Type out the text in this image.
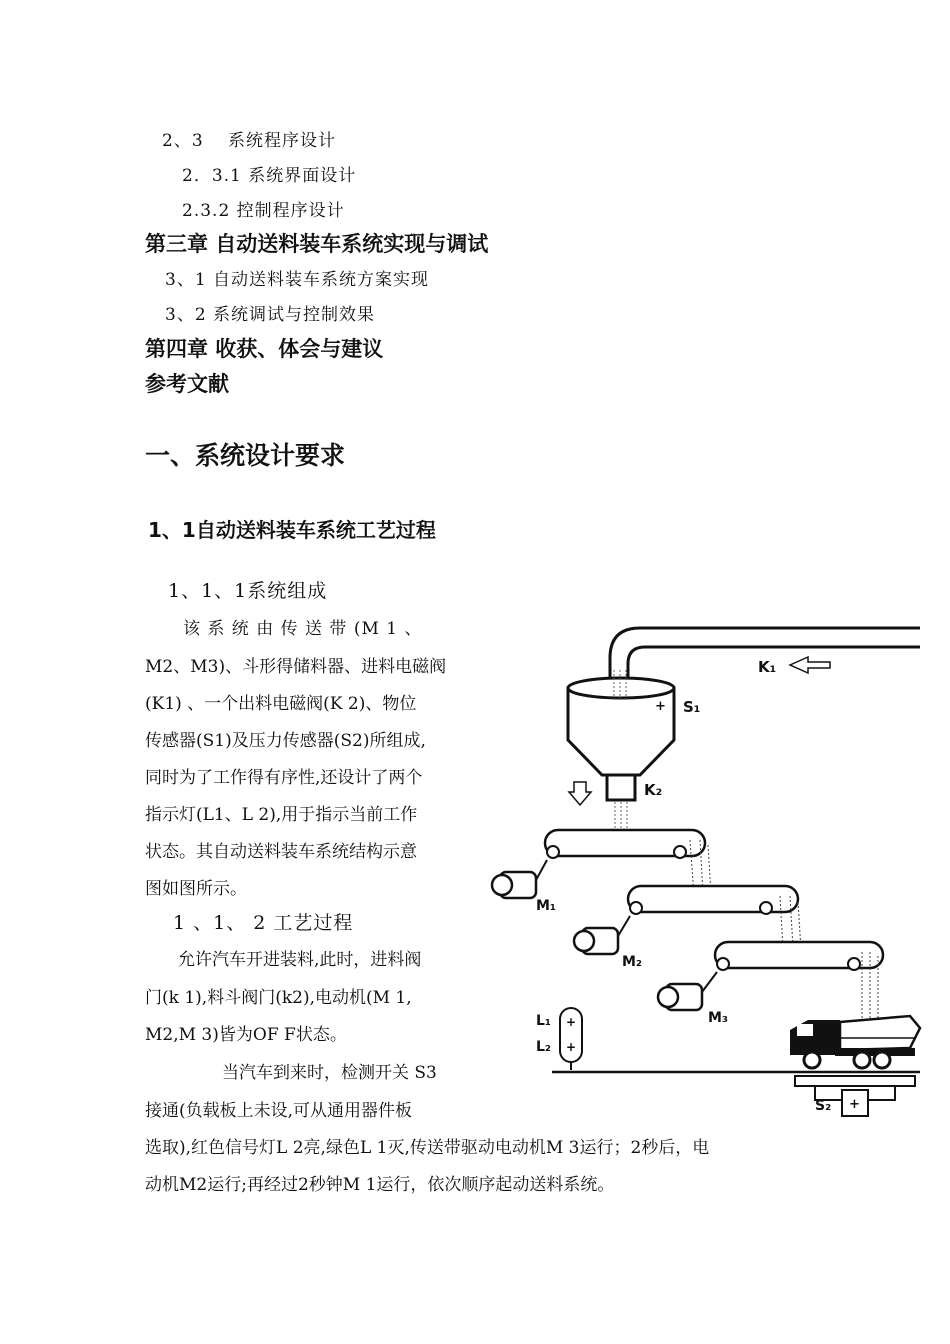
2、3　 系统程序设计
2．3.1 系统界面设计
2.3.2 控制程序设计
第三章 自动送料装车系统实现与调试
3、1 自动送料装车系统方案实现
3、2 系统调试与控制效果
第四章 收获、体会与建议
参考文献
一、系统设计要求
1、1自动送料装车系统工艺过程
1、1、1系统组成
该 系 统 由 传 送 带 (M 1 、
M2、M3)、斗形得储料器、进料电磁阀
(K1) 、一个出料电磁阀(K 2)、物位
传感器(S1)及压力传感器(S2)所组成,
同时为了工作得有序性,还设计了两个
指示灯(L1、L 2),用于指示当前工作
状态。其自动送料装车系统结构示意
图如图所示。
1 、1、 2 工艺过程
允许汽车开进装料,此时，进料阀
门(k 1),料斗阀门(k2),电动机(M 1,
M2,M 3)皆为OF F状态。
当汽车到来时，检测开关 S3
接通(负载板上未设,可从通用器件板
选取),红色信号灯L 2亮,绿色L 1灭,传送带驱动电动机M 3运行；2秒后，电
动机M2运行;再经过2秒钟M 1运行，依次顺序起动送料系统。
K₁
+ S₁
K₂
M₁
M₂
M₃
+
+
L₁
L₂
+
S₂
